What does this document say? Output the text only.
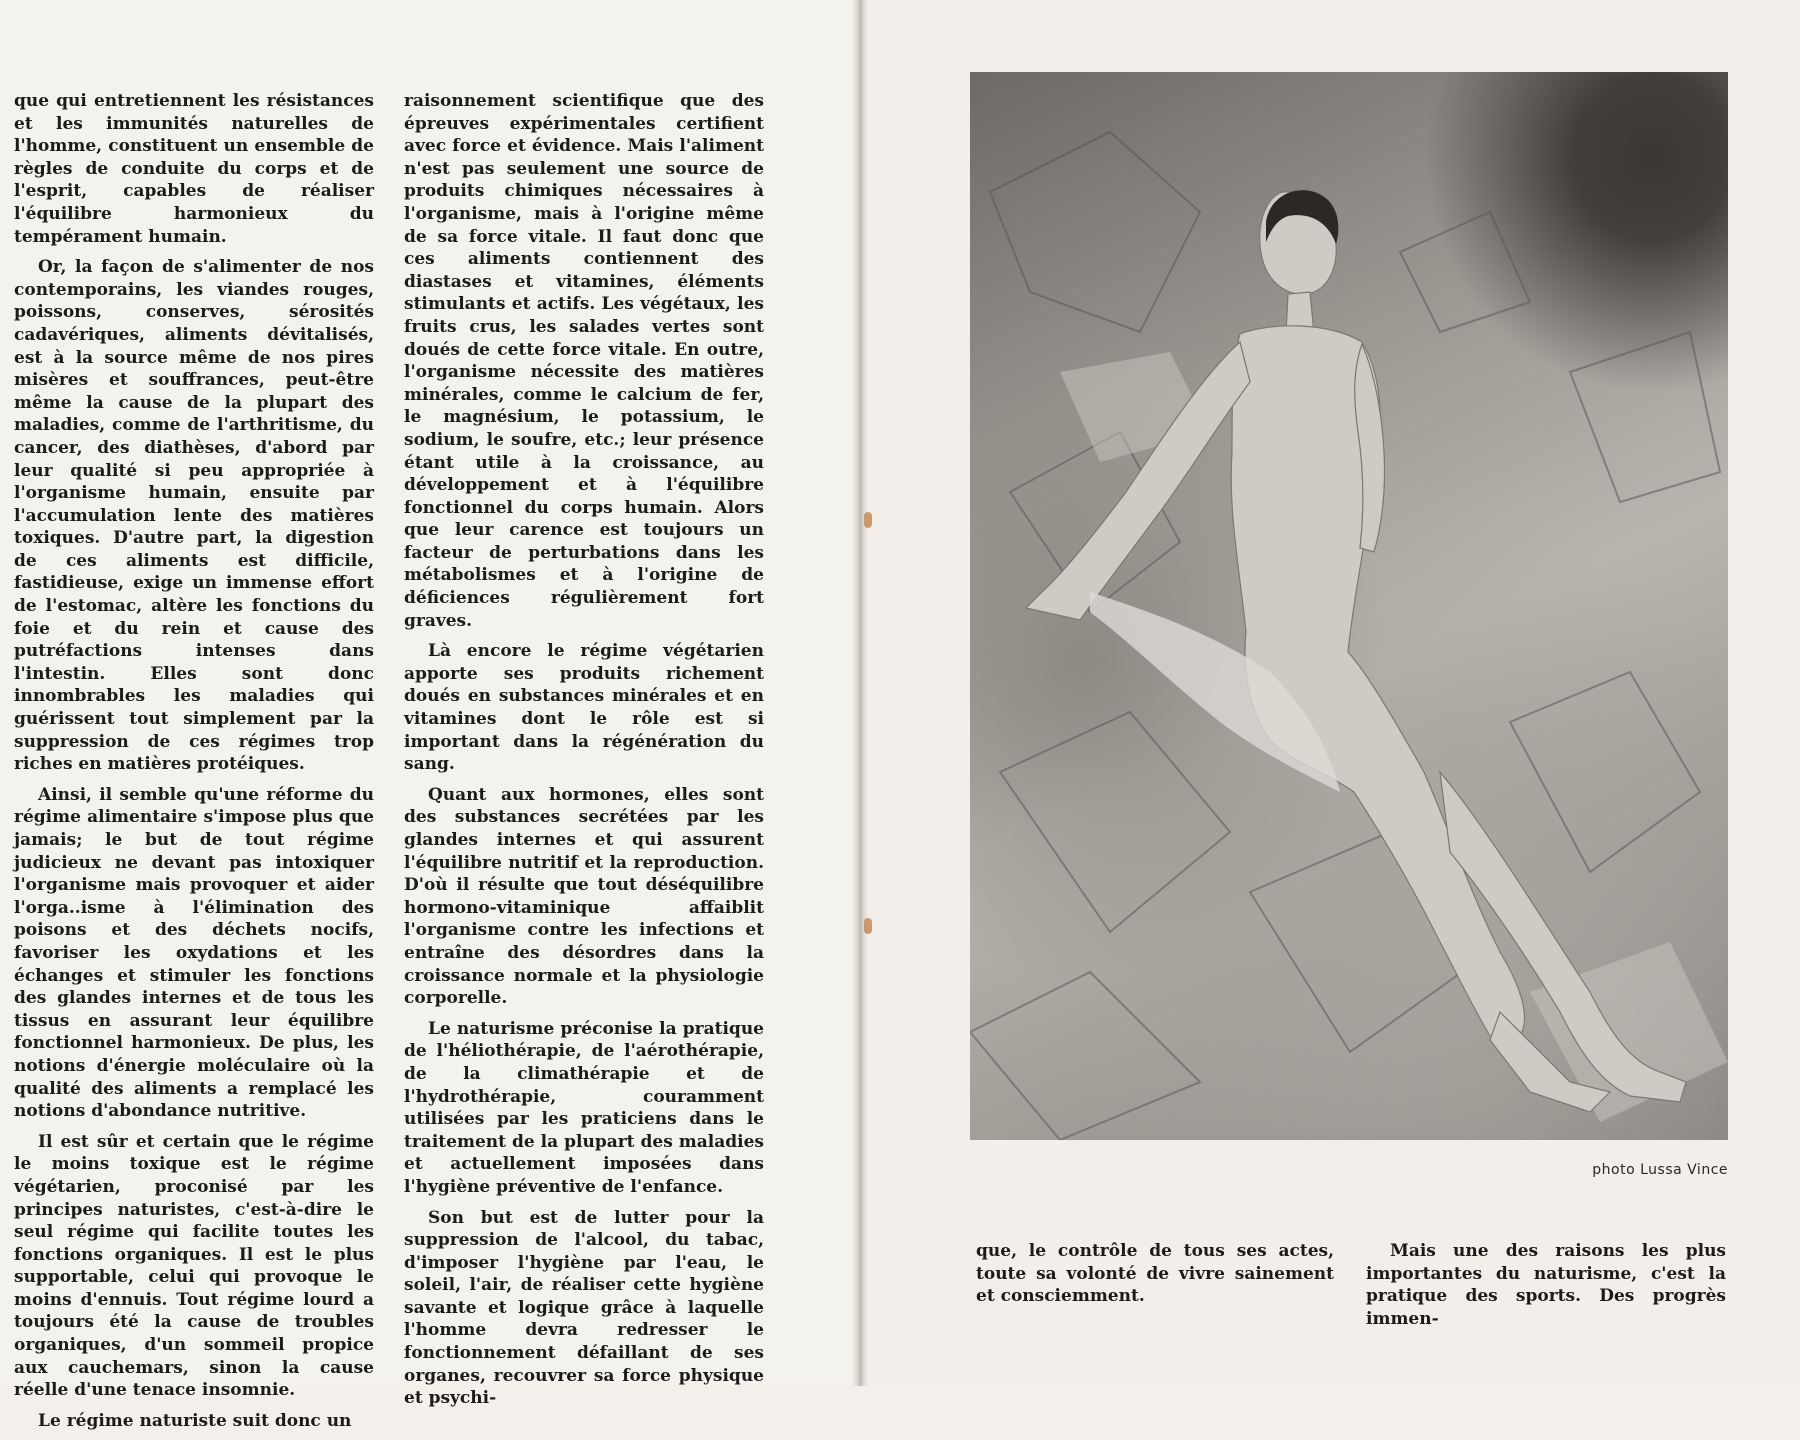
que qui entretiennent les résistances et les immunités naturelles de l'homme, constituent un ensemble de règles de conduite du corps et de l'esprit, capables de réaliser l'équilibre harmonieux du tempérament humain.

Or, la façon de s'alimenter de nos contemporains, les viandes rouges, poissons, conserves, sérosités cadavériques, aliments dévitalisés, est à la source même de nos pires misères et souffrances, peut-être même la cause de la plupart des maladies, comme de l'arthritisme, du cancer, des diathèses, d'abord par leur qualité si peu appropriée à l'organisme humain, ensuite par l'accumulation lente des matières toxiques. D'autre part, la digestion de ces aliments est difficile, fastidieuse, exige un immense effort de l'estomac, altère les fonctions du foie et du rein et cause des putréfactions intenses dans l'intestin. Elles sont donc innombrables les maladies qui guérissent tout simplement par la suppression de ces régimes trop riches en matières protéiques.

Ainsi, il semble qu'une réforme du régime alimentaire s'impose plus que jamais; le but de tout régime judicieux ne devant pas intoxiquer l'organisme mais provoquer et aider l'orga..isme à l'élimination des poisons et des déchets nocifs, favoriser les oxydations et les échanges et stimuler les fonctions des glandes internes et de tous les tissus en assurant leur équilibre fonctionnel harmonieux. De plus, les notions d'énergie moléculaire où la qualité des aliments a remplacé les notions d'abondance nutritive.

Il est sûr et certain que le régime le moins toxique est le régime végétarien, proconisé par les principes naturistes, c'est-à-dire le seul régime qui facilite toutes les fonctions organiques. Il est le plus supportable, celui qui provoque le moins d'ennuis. Tout régime lourd a toujours été la cause de troubles organiques, d'un sommeil propice aux cauchemars, sinon la cause réelle d'une tenace insomnie.

Le régime naturiste suit donc un

raisonnement scientifique que des épreuves expérimentales certifient avec force et évidence. Mais l'aliment n'est pas seulement une source de produits chimiques nécessaires à l'organisme, mais à l'origine même de sa force vitale. Il faut donc que ces aliments contiennent des diastases et vitamines, éléments stimulants et actifs. Les végétaux, les fruits crus, les salades vertes sont doués de cette force vitale. En outre, l'organisme nécessite des matières minérales, comme le calcium de fer, le magnésium, le potassium, le sodium, le soufre, etc.; leur présence étant utile à la croissance, au développement et à l'équilibre fonctionnel du corps humain. Alors que leur carence est toujours un facteur de perturbations dans les métabolismes et à l'origine de déficiences régulièrement fort graves.

Là encore le régime végétarien apporte ses produits richement doués en substances minérales et en vitamines dont le rôle est si important dans la régénération du sang.

Quant aux hormones, elles sont des substances secrétées par les glandes internes et qui assurent l'équilibre nutritif et la reproduction. D'où il résulte que tout déséquilibre hormono-vitaminique affaiblit l'organisme contre les infections et entraîne des désordres dans la croissance normale et la physiologie corporelle.

Le naturisme préconise la pratique de l'héliothérapie, de l'aérothérapie, de la climathérapie et de l'hydrothérapie, couramment utilisées par les praticiens dans le traitement de la plupart des maladies et actuellement imposées dans l'hygiène préventive de l'enfance.

Son but est de lutter pour la suppression de l'alcool, du tabac, d'imposer l'hygiène par l'eau, le soleil, l'air, de réaliser cette hygiène savante et logique grâce à laquelle l'homme devra redresser le fonctionnement défaillant de ses organes, recouvrer sa force physique et psychi-

photo Lussa Vince

que, le contrôle de tous ses actes, toute sa volonté de vivre sainement et consciemment.

Mais une des raisons les plus importantes du naturisme, c'est la pratique des sports. Des progrès immen-
